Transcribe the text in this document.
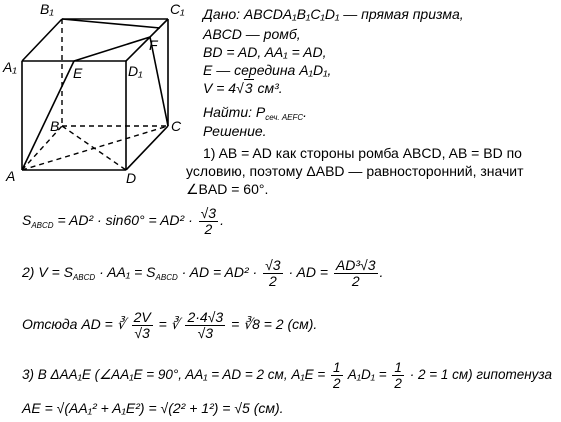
B₁	C₁
A₁	D₁
E
F
B	C
A	D
Дано: ABCDA₁B₁C₁D₁ — прямая призма,
ABCD — ромб,
BD = AD, AA₁ = AD,
E — середина A₁D₁,
V = 4√3 см³.
Найти: $P_{сеч. AEFC}$.
Решение.
1) AB = AD как стороны ромба ABCD, AB = BD по
условию, поэтому ΔABD — равносторонний, значит
∠BAD = 60°.
$S_{ABCD} = AD^2 \cdot \sin 60^\circ = AD^2 \cdot \frac{√3}{2}$ .
2) $V = S_{ABCD} \cdot AA_1 = S_{ABCD}$ · AD = $AD^2 \cdot \frac{√3}{2}$ · AD = $\frac{\text{AD³√3}}{2}$ .
Отсюда AD = ∛ $\frac{2V}{√3}$ = ∛ $\frac{2\cdot 4√3}{√3}$ = ∛8 = 2 (см).
3) В ΔAA₁E (∠AA₁E = 90°, AA₁ = AD = 2 см, $A_1E = \frac{1}{2} A_1D_1 = \frac{1}{2} \cdot 2 = 1$ см) гипотенуза
AE = √(AA₁² + A₁E²) = √(2² + 1²) = √5 (см).
